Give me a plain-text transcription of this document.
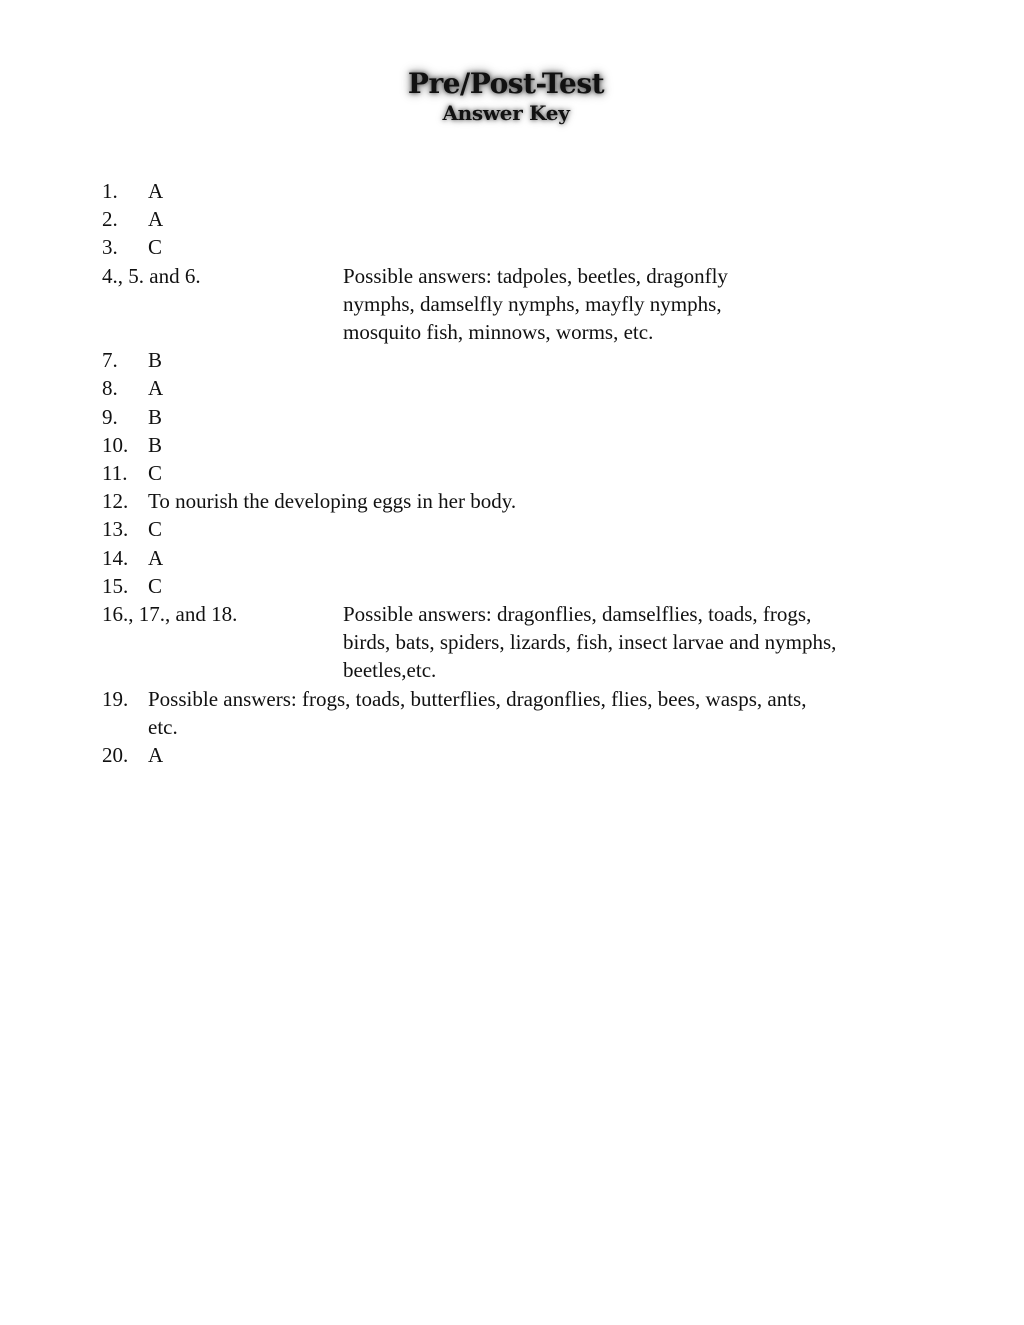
Pre/Post-Test
Answer Key
1. A
2. A
3. C
4., 5. and 6.	Possible answers: tadpoles, beetles, dragonfly
nymphs, damselfly nymphs, mayfly nymphs,
mosquito fish, minnows, worms, etc.
7. B
8. A
9. B
10. B
11. C
12. To nourish the developing eggs in her body.
13. C
14. A
15. C
16., 17., and 18.	Possible answers: dragonflies, damselflies, toads, frogs,
birds, bats, spiders, lizards, fish, insect larvae and nymphs,
beetles,etc.
19. Possible answers: frogs, toads, butterflies, dragonflies, flies, bees, wasps, ants,
etc.
20. A
